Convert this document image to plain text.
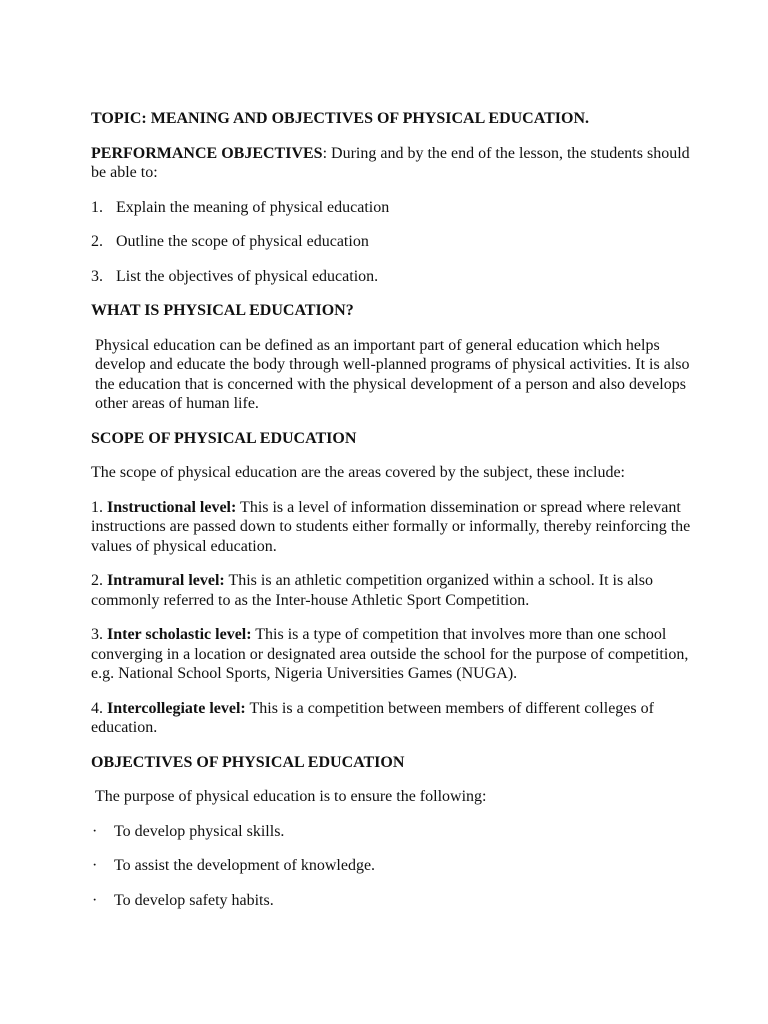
TOPIC: MEANING AND OBJECTIVES OF PHYSICAL EDUCATION.

PERFORMANCE OBJECTIVES: During and by the end of the lesson, the students should be able to:

1. Explain the meaning of physical education
2. Outline the scope of physical education
3. List the objectives of physical education.

WHAT IS PHYSICAL EDUCATION?

Physical education can be defined as an important part of general education which helps develop and educate the body through well-planned programs of physical activities. It is also the education that is concerned with the physical development of a person and also develops other areas of human life.

SCOPE OF PHYSICAL EDUCATION

The scope of physical education are the areas covered by the subject, these include:

1. Instructional level: This is a level of information dissemination or spread where relevant instructions are passed down to students either formally or informally, thereby reinforcing the values of physical education.

2. Intramural level: This is an athletic competition organized within a school. It is also commonly referred to as the Inter-house Athletic Sport Competition.

3. Inter scholastic level: This is a type of competition that involves more than one school converging in a location or designated area outside the school for the purpose of competition, e.g. National School Sports, Nigeria Universities Games (NUGA).

4. Intercollegiate level: This is a competition between members of different colleges of education.

OBJECTIVES OF PHYSICAL EDUCATION

The purpose of physical education is to ensure the following:

·	To develop physical skills.
·	To assist the development of knowledge.
·	To develop safety habits.
